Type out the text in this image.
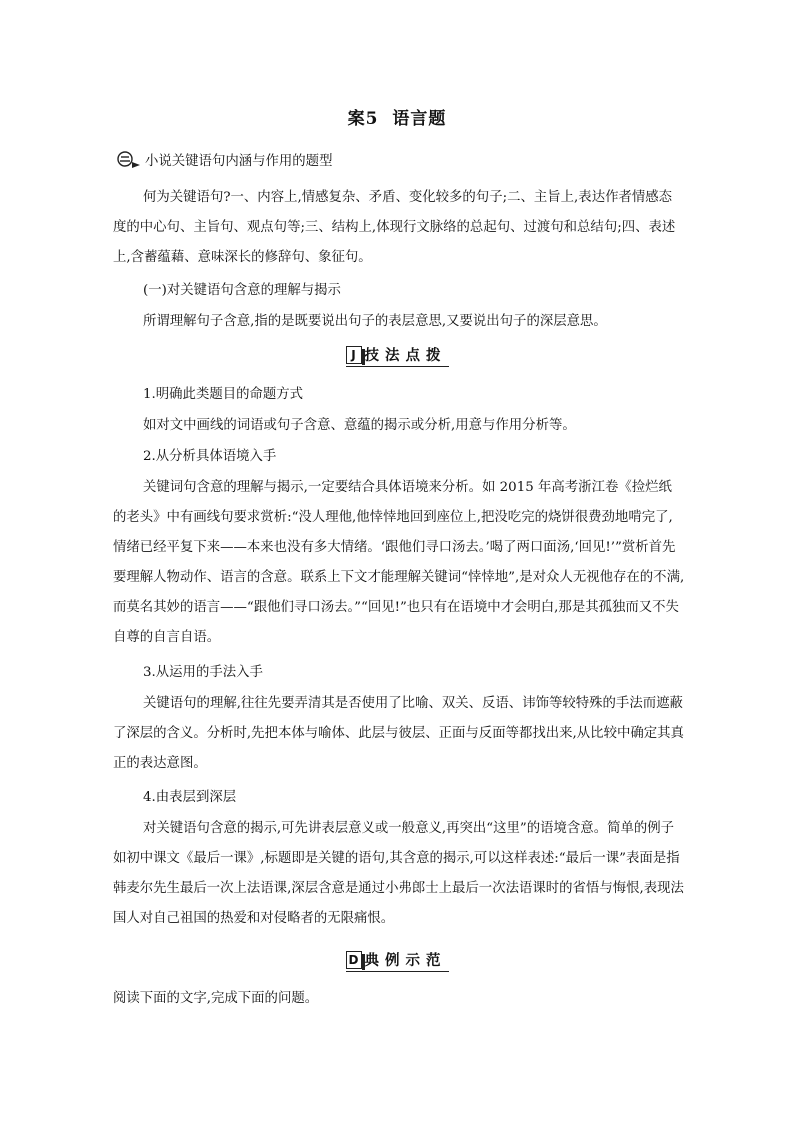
案5 语言题
小说关键语句内涵与作用的题型

何为关键语句?一、内容上,情感复杂、矛盾、变化较多的句子;二、主旨上,表达作者情感态度的中心句、主旨句、观点句等;三、结构上,体现行文脉络的总起句、过渡句和总结句;四、表述上,含蓄蕴藉、意味深长的修辞句、象征句。

(一)对关键语句含意的理解与揭示

所谓理解句子含意,指的是既要说出句子的表层意思,又要说出句子的深层意思。

J 技法点拨

1.明确此类题目的命题方式

如对文中画线的词语或句子含意、意蕴的揭示或分析,用意与作用分析等。

2.从分析具体语境入手

关键词句含意的理解与揭示,一定要结合具体语境来分析。如 2015 年高考浙江卷《捡烂纸的老头》中有画线句要求赏析:“没人理他,他悻悻地回到座位上,把没吃完的烧饼很费劲地啃完了,情绪已经平复下来——本来也没有多大情绪。‘跟他们寻口汤去。’喝了两口面汤,‘回见!’”赏析首先要理解人物动作、语言的含意。联系上下文才能理解关键词“悻悻地”,是对众人无视他存在的不满,而莫名其妙的语言——“跟他们寻口汤去。”“回见!”也只有在语境中才会明白,那是其孤独而又不失自尊的自言自语。

3.从运用的手法入手

关键语句的理解,往往先要弄清其是否使用了比喻、双关、反语、讳饰等较特殊的手法而遮蔽了深层的含义。分析时,先把本体与喻体、此层与彼层、正面与反面等都找出来,从比较中确定其真正的表达意图。

4.由表层到深层

对关键语句含意的揭示,可先讲表层意义或一般意义,再突出“这里”的语境含意。简单的例子如初中课文《最后一课》,标题即是关键的语句,其含意的揭示,可以这样表述:“最后一课”表面是指韩麦尔先生最后一次上法语课,深层含意是通过小弗郎士上最后一次法语课时的省悟与悔恨,表现法国人对自己祖国的热爱和对侵略者的无限痛恨。

D 典例示范

阅读下面的文字,完成下面的问题。
